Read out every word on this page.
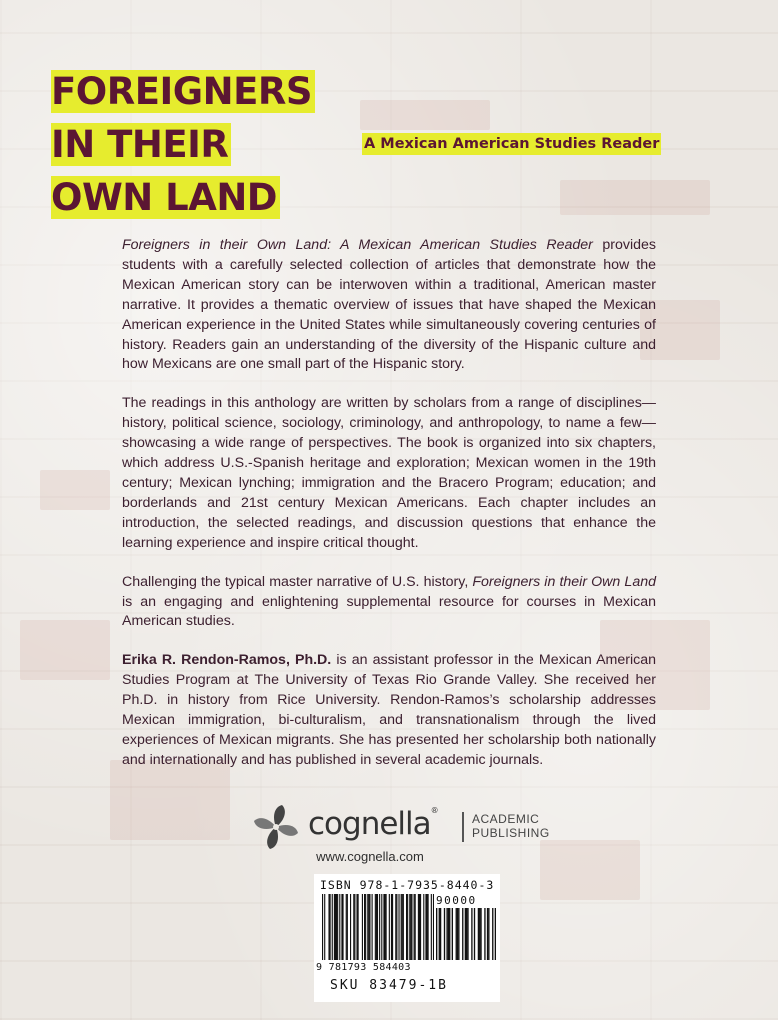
FOREIGNERS
IN THEIR
OWN LAND
A Mexican American Studies Reader

Foreigners in their Own Land: A Mexican American Studies Reader provides students with a carefully selected collection of articles that demonstrate how the Mexican American story can be interwoven within a traditional, American master narrative. It provides a thematic overview of issues that have shaped the Mexican American experience in the United States while simultaneously covering centuries of history. Readers gain an understanding of the diversity of the Hispanic culture and how Mexicans are one small part of the Hispanic story.

The readings in this anthology are written by scholars from a range of disciplines—history, political science, sociology, criminology, and anthropology, to name a few—showcasing a wide range of perspectives. The book is organized into six chapters, which address U.S.-Spanish heritage and exploration; Mexican women in the 19th century; Mexican lynching; immigration and the Bracero Program; education; and borderlands and 21st century Mexican Americans. Each chapter includes an introduction, the selected readings, and discussion questions that enhance the learning experience and inspire critical thought.

Challenging the typical master narrative of U.S. history, Foreigners in their Own Land is an engaging and enlightening supplemental resource for courses in Mexican American studies.

Erika R. Rendon-Ramos, Ph.D. is an assistant professor in the Mexican American Studies Program at The University of Texas Rio Grande Valley. She received her Ph.D. in history from Rice University. Rendon-Ramos’s scholarship addresses Mexican immigration, bi-culturalism, and transnationalism through the lived experiences of Mexican migrants. She has presented her scholarship both nationally and internationally and has published in several academic journals.

cognella®
ACADEMIC
PUBLISHING
www.cognella.com
ISBN 978-1-7935-8440-3
90000
9 781793 584403
SKU 83479-1B
